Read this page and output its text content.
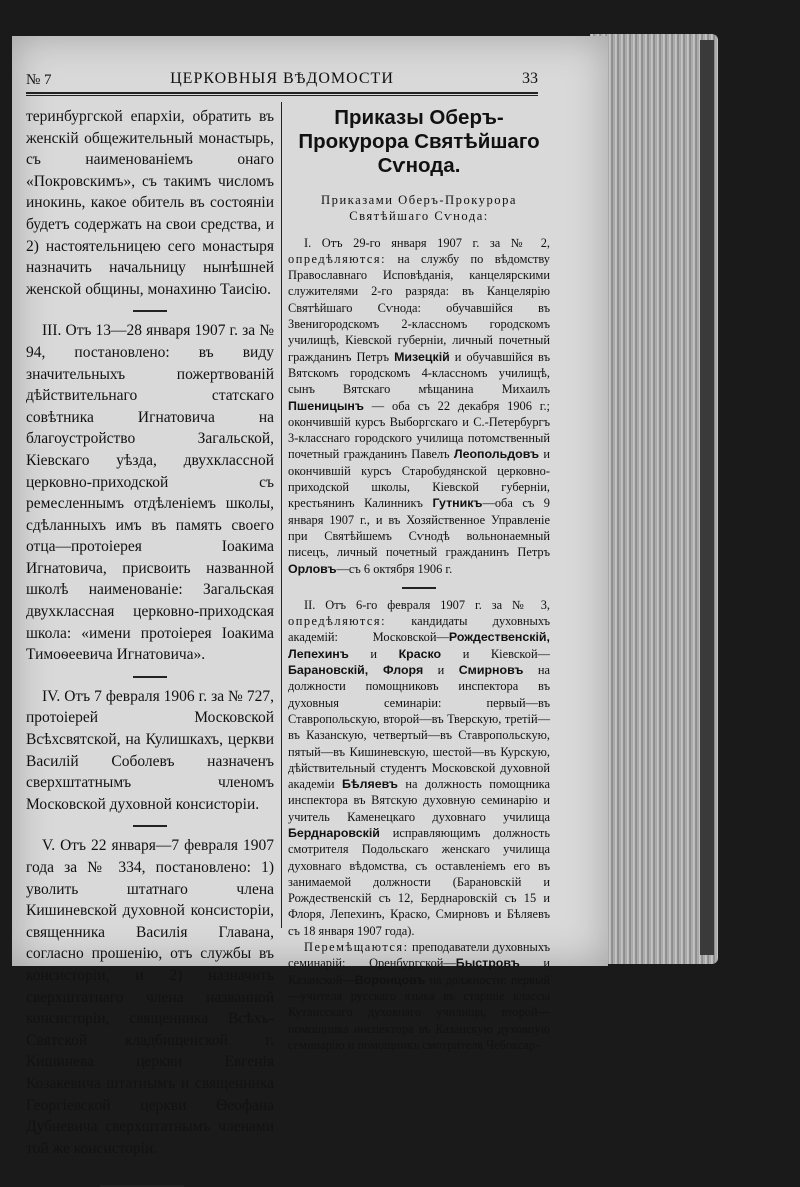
№ 7	ЦЕРКОВНЫЯ ВѢДОМОСТИ	33

теринбургской епархіи, обратить въ женскій общежительный монастырь, съ наименованіемъ онаго «Покровскимъ», съ такимъ числомъ инокинь, какое обитель въ состояніи будетъ содержать на свои средства, и 2) настоятельницею сего монастыря назначить начальницу нынѣшней женской общины, монахиню Таисію.

III. Отъ 13—28 января 1907 г. за № 94, постановлено: въ виду значительныхъ пожертвованій дѣйствительнаго статскаго совѣтника Игнатовича на благоустройство Загальской, Кіевскаго уѣзда, двухклассной церковно-приходской съ ремесленнымъ отдѣленіемъ школы, сдѣланныхъ имъ въ память своего отца—протоіерея Іоакима Игнатовича, присвоить названной школѣ наименованіе: Загальская двухклассная церковно-приходская школа: «имени протоіерея Іоакима Тимоѳеевича Игнатовича».

IV. Отъ 7 февраля 1906 г. за № 727, протоіерей Московской Всѣхсвятской, на Кулишкахъ, церкви Василій Соболевъ назначенъ сверхштатнымъ членомъ Московской духовной консисторіи.

V. Отъ 22 января—7 февраля 1907 года за № 334, постановлено: 1) уволить штатнаго члена Кишиневской духовной консисторіи, священника Василія Главана, согласно прошенію, отъ службы въ консисторіи, и 2) назначить сверхштатнаго члена названной консисторіи, священника Всѣхъ-Святской кладбищенской г. Кишинева церкви Евгенія Козакевича штатнымъ и священника Георгіевской церкви Ѳеофана Дубневича сверхштатнымъ членами той же консисторіи.

Приказы Оберъ-Прокурора Святѣйшаго Сѵнода.
Приказами Оберъ-Прокурора Святѣйшаго Сѵнода:

I. Отъ 29-го января 1907 г. за № 2, опредѣляются: на службу по вѣдомству Православнаго Исповѣданія, канцелярскими служителями 2-го разряда: въ Канцелярію Святѣйшаго Сѵнода: обучавшійся въ Звенигородскомъ 2-классномъ городскомъ училищѣ, Кіевской губерніи, личный почетный гражданинъ Петръ Мизецкій и обучавшійся въ Вятскомъ городскомъ 4-классномъ училищѣ, сынъ Вятскаго мѣщанина Михаилъ Пшеницынъ — оба съ 22 декабря 1906 г.; окончившій курсъ Выборгскаго и С.-Петербургъ 3-класснаго городского училища потомственный почетный гражданинъ Павелъ Леопольдовъ и окончившій курсъ Старобудянской церковно-приходской школы, Кіевской губерніи, крестьянинъ Калинникъ Гутникъ—оба съ 9 января 1907 г., и въ Хозяйственное Управленіе при Святѣйшемъ Сѵнодѣ вольнонаемный писецъ, личный почетный гражданинъ Петръ Орловъ—съ 6 октября 1906 г.

II. Отъ 6-го февраля 1907 г. за № 3, опредѣляются: кандидаты духовныхъ академій: Московской—Рождественскій, Лепехинъ и Краско и Кіевской—Барановскій, Флоря и Смирновъ на должности помощниковъ инспектора въ духовныя семинаріи: первый—въ Ставропольскую, второй—въ Тверскую, третій—въ Казанскую, четвертый—въ Ставропольскую, пятый—въ Кишиневскую, шестой—въ Курскую, дѣйствительный студентъ Московской духовной академіи Бѣляевъ на должность помощника инспектора въ Вятскую духовную семинарію и учитель Каменецкаго духовнаго училища Берднаровскій исправляющимъ должность смотрителя Подольскаго женскаго училища духовнаго вѣдомства, съ оставленіемъ его въ занимаемой должности (Барановскій и Рождественскій съ 12, Берднаровскій съ 15 и Флоря, Лепехинъ, Краско, Смирновъ и Бѣляевъ съ 18 января 1907 года).

Перемѣщаются: преподаватели духовныхъ семинарій: Оренбургской—Быстровъ и Казанской—Воронцовъ на должности: первый—учителя русскаго языка въ старшіе классы Кутаисскаго духовнаго училища, второй—помощника инспектора въ Казанскую духовную семинарію и помощникъ смотрителя Чебоксар-
